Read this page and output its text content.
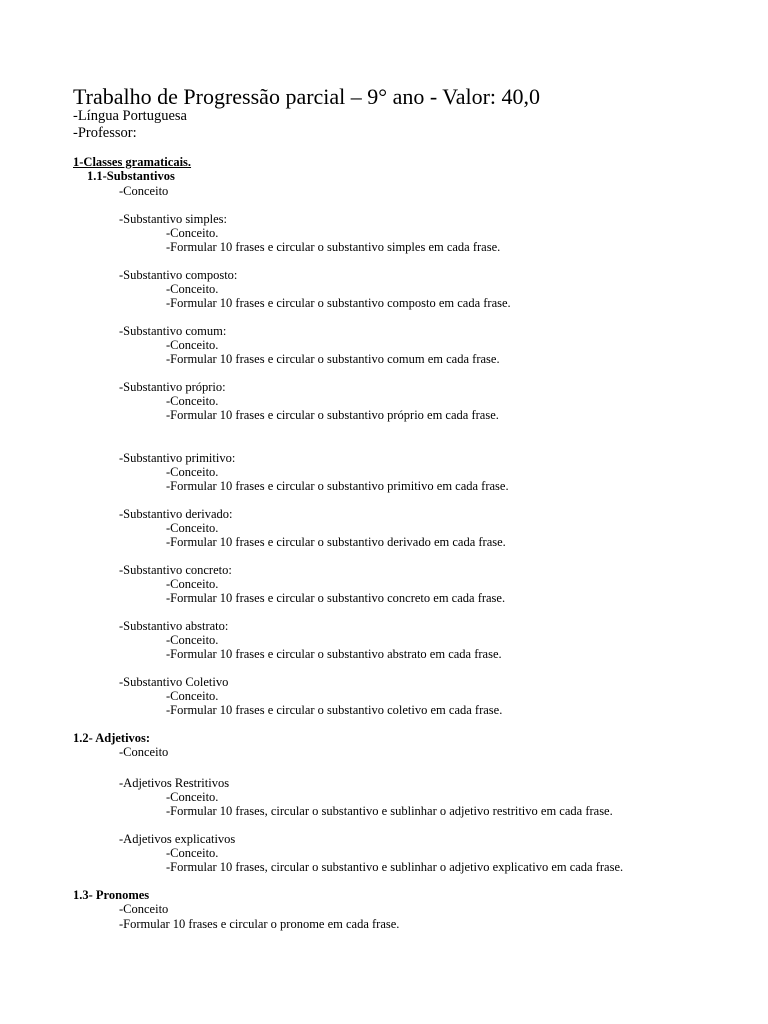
Trabalho de Progressão parcial – 9° ano - Valor: 40,0
-Língua Portuguesa
-Professor:
1-Classes gramaticais.
1.1-Substantivos
-Conceito
-Substantivo simples:
-Conceito.
-Formular 10 frases e circular o substantivo simples em cada frase.
-Substantivo composto:
-Conceito.
-Formular 10 frases e circular o substantivo composto em cada frase.
-Substantivo comum:
-Conceito.
-Formular 10 frases e circular o substantivo comum em cada frase.
-Substantivo próprio:
-Conceito.
-Formular 10 frases e circular o substantivo próprio em cada frase.
-Substantivo primitivo:
-Conceito.
-Formular 10 frases e circular o substantivo primitivo em cada frase.
-Substantivo derivado:
-Conceito.
-Formular 10 frases e circular o substantivo derivado em cada frase.
-Substantivo concreto:
-Conceito.
-Formular 10 frases e circular o substantivo concreto em cada frase.
-Substantivo abstrato:
-Conceito.
-Formular 10 frases e circular o substantivo abstrato em cada frase.
-Substantivo Coletivo
-Conceito.
-Formular 10 frases e circular o substantivo coletivo em cada frase.
1.2- Adjetivos:
-Conceito
-Adjetivos Restritivos
-Conceito.
-Formular 10 frases, circular o substantivo e sublinhar o adjetivo restritivo em cada frase.
-Adjetivos explicativos
-Conceito.
-Formular 10 frases, circular o substantivo e sublinhar o adjetivo explicativo em cada frase.
1.3- Pronomes
-Conceito
-Formular 10 frases e circular o pronome em cada frase.
